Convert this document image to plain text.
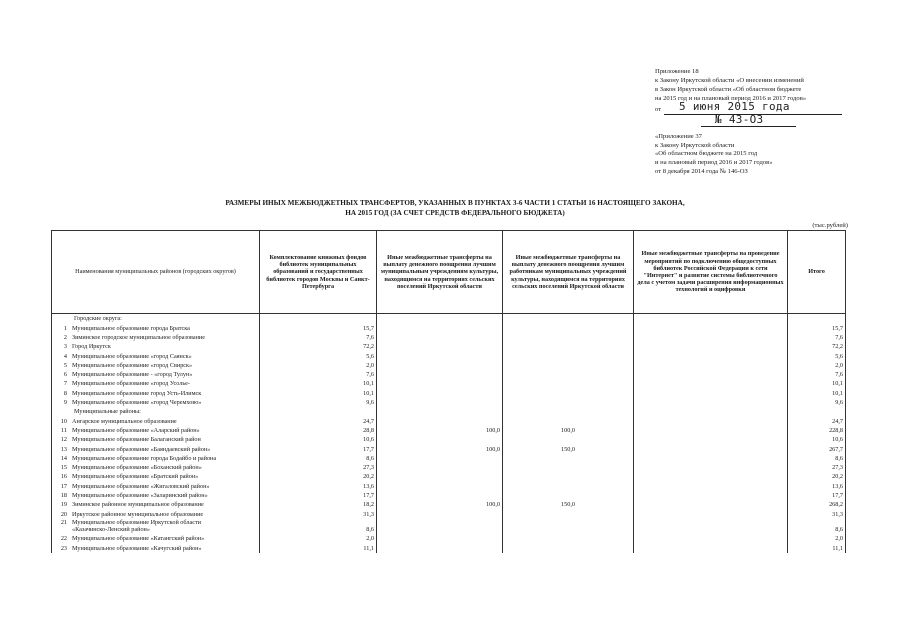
Приложение 18
к Закону Иркутской области «О внесении изменений
в Закон Иркутской области «Об областном бюджете
на 2015 год и на плановый период 2016 и 2017 годов»
от 5 июня 2015 года
№ 43-ОЗ
«Приложение 37
к Закону Иркутской области
«Об областном бюджете на 2015 год
и на плановый период 2016 и 2017 годов»
от 8 декабря 2014 года № 146-ОЗ
РАЗМЕРЫ ИНЫХ МЕЖБЮДЖЕТНЫХ ТРАНСФЕРТОВ, УКАЗАННЫХ В ПУНКТАХ 3-6 ЧАСТИ 1 СТАТЬИ 16 НАСТОЯЩЕГО ЗАКОНА,
НА 2015 ГОД (ЗА СЧЕТ СРЕДСТВ ФЕДЕРАЛЬНОГО БЮДЖЕТА)
(тыс.рублей)
Наименования муниципальных районов (городских округов)	Комплектование книжных фондов библиотек муниципальных образований и государственных библиотек городов Москвы и Санкт-Петербурга	Иные межбюджетные трансферты на выплату денежного поощрения лучшим муниципальным учреждениям культуры, находящимся на территориях сельских поселений Иркутской области	Иные межбюджетные трансферты на выплату денежного поощрения лучшим работникам муниципальных учреждений культуры, находящимся на территориях сельских поселений Иркутской области	Иные межбюджетные трансферты на проведение мероприятий по подключению общедоступных библиотек Российской Федерации к сети "Интернет" и развитие системы библиотечного дела с учетом задачи расширения информационных технологий и оцифровки	Итого
Городские округа:					
1 Муниципальное образование города Братска	15,7				15,7
2 Зиминское городское муниципальное образование	7,6				7,6
3 Город Иркутск	72,2				72,2
4 Муниципальное образование «город Саянск»	5,6				5,6
5 Муниципальное образование «город Свирск»	2,0				2,0
6 Муниципальное образование - «город Тулун»	7,6				7,6
7 Муниципальное образование «город Усолье-	10,1				10,1
8 Муниципальное образование город Усть-Илимск	10,1				10,1
9 Муниципальное образование «город Черемхово»	9,6				9,6
Муниципальные районы:					
10 Ангарское муниципальное образование	24,7				24,7
11 Муниципальное образование «Аларский район»	28,8	100,0	100,0		228,8
12 Муниципальное образование Балаганский район	10,6				10,6
13 Муниципальное образование «Баяндаевский район»	17,7	100,0	150,0		267,7
14 Муниципальное образование города Бодайбо и района	8,6				8,6
15 Муниципальное образование «Боханский район»	27,3				27,3
16 Муниципальное образование «Братский район»	20,2				20,2
17 Муниципальное образование «Жигаловский район»	13,6				13,6
18 Муниципальное образование «Заларинский район»	17,7				17,7
19 Зиминское районное муниципальное образование	18,2	100,0	150,0		268,2
20 Иркутское районное муниципальное образование	31,3				31,3
21 Муниципальное образование Иркутской области
«Казачинско-Ленский район»	8,6				8,6
22 Муниципальное образование «Катангский район»	2,0				2,0
23 Муниципальное образование «Качугский район»	11,1				11,1
